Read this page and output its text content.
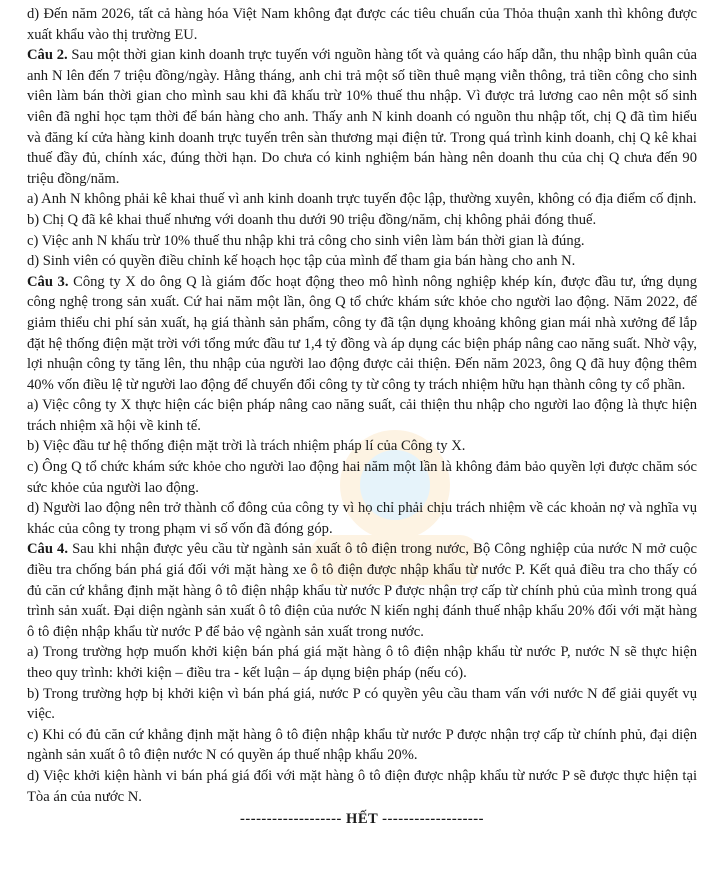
d) Đến năm 2026, tất cả hàng hóa Việt Nam không đạt được các tiêu chuẩn của Thỏa thuận xanh thì không được xuất khẩu vào thị trường EU.

Câu 2. Sau một thời gian kinh doanh trực tuyến với nguồn hàng tốt và quảng cáo hấp dẫn, thu nhập bình quân của anh N lên đến 7 triệu đồng/ngày. Hằng tháng, anh chi trả một số tiền thuê mạng viễn thông, trả tiền công cho sinh viên làm bán thời gian cho mình sau khi đã khấu trừ 10% thuế thu nhập. Vì được trả lương cao nên một số sinh viên đã nghỉ học tạm thời để bán hàng cho anh. Thấy anh N kinh doanh có nguồn thu nhập tốt, chị Q đã tìm hiểu và đăng kí cửa hàng kinh doanh trực tuyến trên sàn thương mại điện tử. Trong quá trình kinh doanh, chị Q kê khai thuế đầy đủ, chính xác, đúng thời hạn. Do chưa có kinh nghiệm bán hàng nên doanh thu của chị Q chưa đến 90 triệu đồng/năm.

a) Anh N không phải kê khai thuế vì anh kinh doanh trực tuyến độc lập, thường xuyên, không có địa điểm cố định.

b) Chị Q đã kê khai thuế nhưng với doanh thu dưới 90 triệu đồng/năm, chị không phải đóng thuế.

c) Việc anh N khấu trừ 10% thuế thu nhập khi trả công cho sinh viên làm bán thời gian là đúng.

d) Sinh viên có quyền điều chỉnh kế hoạch học tập của mình để tham gia bán hàng cho anh N.

Câu 3. Công ty X do ông Q là giám đốc hoạt động theo mô hình nông nghiệp khép kín, được đầu tư, ứng dụng công nghệ trong sản xuất. Cứ hai năm một lần, ông Q tổ chức khám sức khỏe cho người lao động. Năm 2022, để giảm thiểu chi phí sản xuất, hạ giá thành sản phẩm, công ty đã tận dụng khoảng không gian mái nhà xưởng để lắp đặt hệ thống điện mặt trời với tổng mức đầu tư 1,4 tỷ đồng và áp dụng các biện pháp nâng cao năng suất. Nhờ vậy, lợi nhuận công ty tăng lên, thu nhập của người lao động được cải thiện. Đến năm 2023, ông Q đã huy động thêm 40% vốn điều lệ từ người lao động để chuyển đổi công ty từ công ty trách nhiệm hữu hạn thành công ty cổ phần.

a) Việc công ty X thực hiện các biện pháp nâng cao năng suất, cải thiện thu nhập cho người lao động là thực hiện trách nhiệm xã hội về kinh tế.

b) Việc đầu tư hệ thống điện mặt trời là trách nhiệm pháp lí của Công ty X.

c) Ông Q tổ chức khám sức khỏe cho người lao động hai năm một lần là không đảm bảo quyền lợi được chăm sóc sức khỏe của người lao động.

d) Người lao động nên trở thành cổ đông của công ty vì họ chỉ phải chịu trách nhiệm về các khoản nợ và nghĩa vụ khác của công ty trong phạm vi số vốn đã đóng góp.

Câu 4. Sau khi nhận được yêu cầu từ ngành sản xuất ô tô điện trong nước, Bộ Công nghiệp của nước N mở cuộc điều tra chống bán phá giá đối với mặt hàng xe ô tô điện được nhập khẩu từ nước P. Kết quả điều tra cho thấy có đủ căn cứ khẳng định mặt hàng ô tô điện nhập khẩu từ nước P được nhận trợ cấp từ chính phủ của mình trong quá trình sản xuất. Đại diện ngành sản xuất ô tô điện của nước N kiến nghị đánh thuế nhập khẩu 20% đối với mặt hàng ô tô điện nhập khẩu từ nước P để bảo vệ ngành sản xuất trong nước.

a) Trong trường hợp muốn khởi kiện bán phá giá mặt hàng ô tô điện nhập khẩu từ nước P, nước N sẽ thực hiện theo quy trình: khởi kiện – điều tra - kết luận – áp dụng biện pháp (nếu có).

b) Trong trường hợp bị khởi kiện vì bán phá giá, nước P có quyền yêu cầu tham vấn với nước N để giải quyết vụ việc.

c) Khi có đủ căn cứ khẳng định mặt hàng ô tô điện nhập khẩu từ nước P được nhận trợ cấp từ chính phủ, đại diện ngành sản xuất ô tô điện nước N có quyền áp thuế nhập khẩu 20%.

d) Việc khởi kiện hành vi bán phá giá đối với mặt hàng ô tô điện được nhập khẩu từ nước P sẽ được thực hiện tại Tòa án của nước N.

------------------- HẾT -------------------
